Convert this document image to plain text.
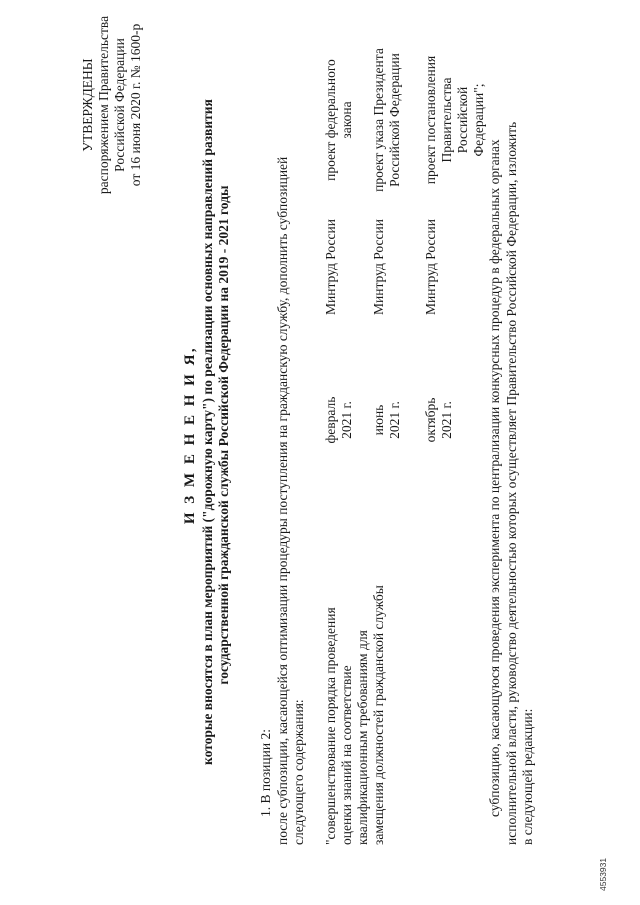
УТВЕРЖДЕНЫ распоряжением Правительства Российской Федерации от 16 июня 2020 г. № 1600-р
И З М Е Н Е Н И Я, которые вносятся в план мероприятий ("дорожную карту") по реализации основных направлений развития государственной гражданской службы Российской Федерации на 2019 - 2021 годы
1. В позиции 2: после субпозиции, касающейся оптимизации процедуры поступления на гражданскую службу, дополнить субпозицией следующего содержания: "совершенствование порядка проведения оценки знаний на соответствие квалификационным требованиям для замещения должностей гражданской службы
февраль 2021 г.
Минтруд России
проект федерального закона
июнь 2021 г.
Минтруд России
проект указа Президента Российской Федерации
октябрь 2021 г.
Минтруд России
проект постановления Правительства Российской Федерации";
субпозицию, касающуюся проведения эксперимента по централизации конкурсных процедур в федеральных органах исполнительной власти, руководство деятельностью которых осуществляет Правительство Российской Федерации, изложить в следующей редакции:
4553931
